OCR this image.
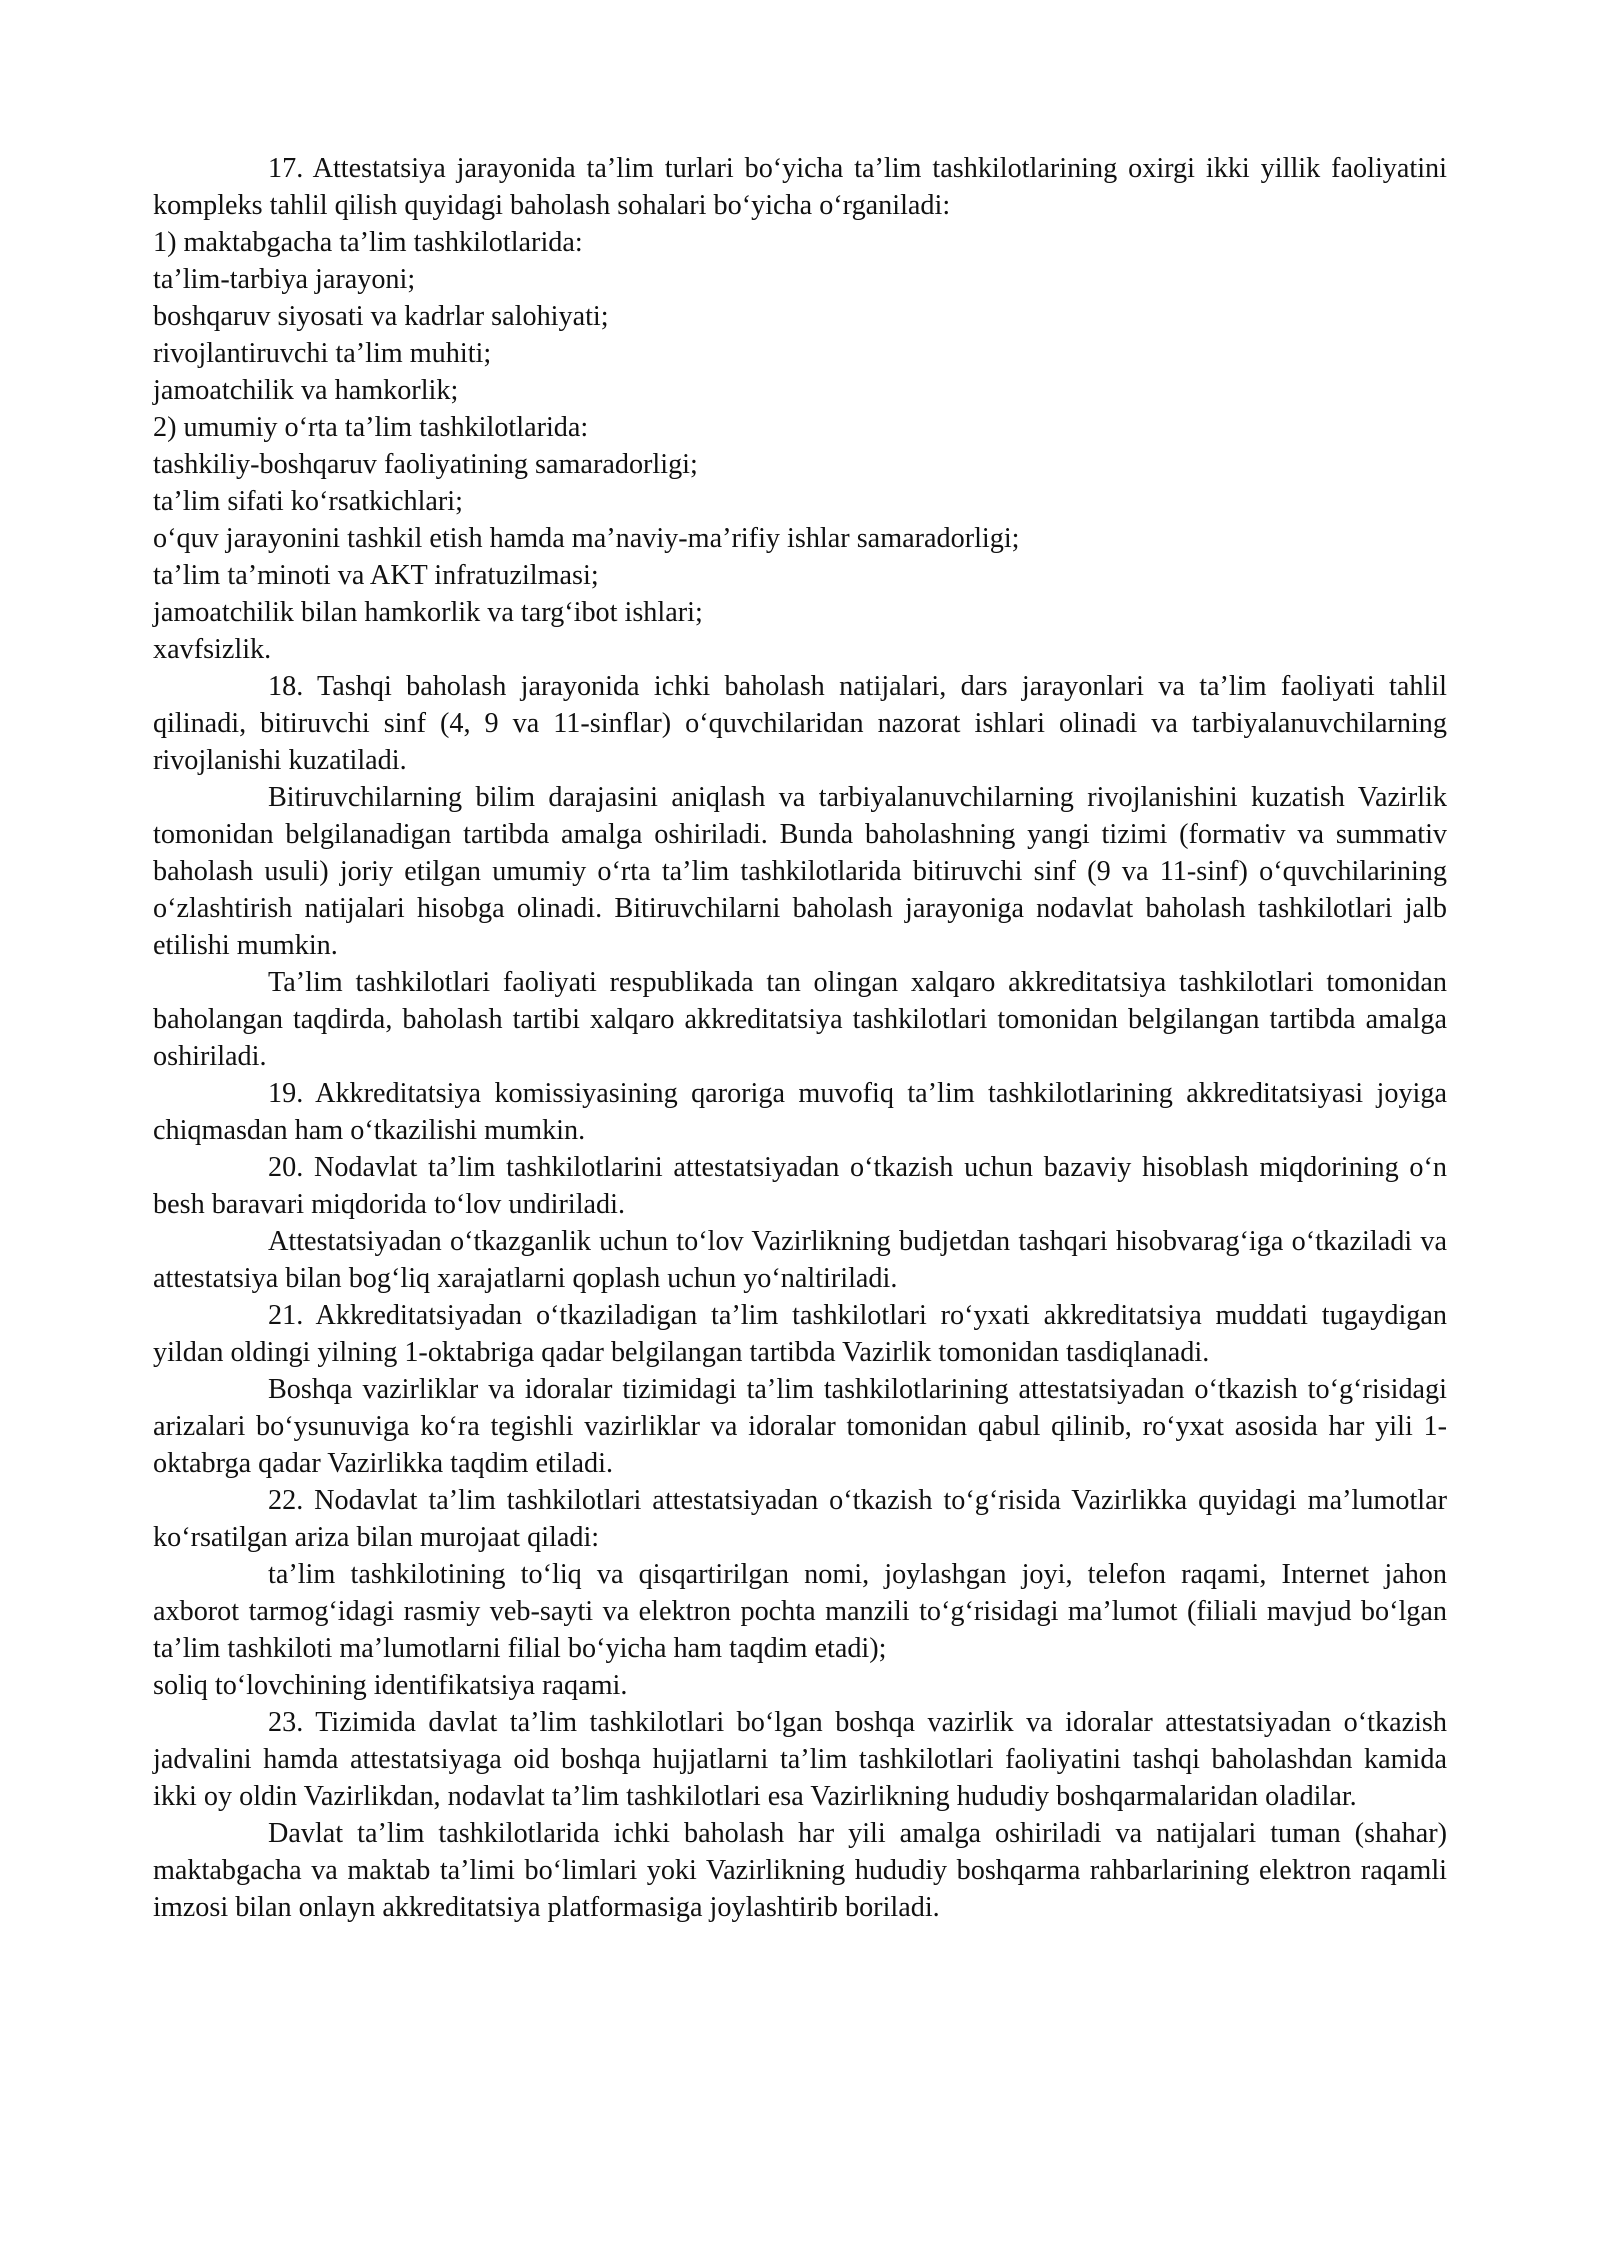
17. Attestatsiya jarayonida ta’lim turlari bo‘yicha ta’lim tashkilotlarining oxirgi ikki yillik faoliyatini kompleks tahlil qilish quyidagi baholash sohalari bo‘yicha o‘rganiladi:

1) maktabgacha ta’lim tashkilotlarida:

ta’lim-tarbiya jarayoni;

boshqaruv siyosati va kadrlar salohiyati;

rivojlantiruvchi ta’lim muhiti;

jamoatchilik va hamkorlik;

2) umumiy o‘rta ta’lim tashkilotlarida:

tashkiliy-boshqaruv faoliyatining samaradorligi;

ta’lim sifati ko‘rsatkichlari;

o‘quv jarayonini tashkil etish hamda ma’naviy-ma’rifiy ishlar samaradorligi;

ta’lim ta’minoti va AKT infratuzilmasi;

jamoatchilik bilan hamkorlik va targ‘ibot ishlari;

xavfsizlik.

18. Tashqi baholash jarayonida ichki baholash natijalari, dars jarayonlari va ta’lim faoliyati tahlil qilinadi, bitiruvchi sinf (4, 9 va 11-sinflar) o‘quvchilaridan nazorat ishlari olinadi va tarbiyalanuvchilarning rivojlanishi kuzatiladi.

Bitiruvchilarning bilim darajasini aniqlash va tarbiyalanuvchilarning rivojlanishini kuzatish Vazirlik tomonidan belgilanadigan tartibda amalga oshiriladi. Bunda baholashning yangi tizimi (formativ va summativ baholash usuli) joriy etilgan umumiy o‘rta ta’lim tashkilotlarida bitiruvchi sinf (9 va 11-sinf) o‘quvchilarining o‘zlashtirish natijalari hisobga olinadi. Bitiruvchilarni baholash jarayoniga nodavlat baholash tashkilotlari jalb etilishi mumkin.

Ta’lim tashkilotlari faoliyati respublikada tan olingan xalqaro akkreditatsiya tashkilotlari tomonidan baholangan taqdirda, baholash tartibi xalqaro akkreditatsiya tashkilotlari tomonidan belgilangan tartibda amalga oshiriladi.

19. Akkreditatsiya komissiyasining qaroriga muvofiq ta’lim tashkilotlarining akkreditatsiyasi joyiga chiqmasdan ham o‘tkazilishi mumkin.

20. Nodavlat ta’lim tashkilotlarini attestatsiyadan o‘tkazish uchun bazaviy hisoblash miqdorining o‘n besh baravari miqdorida to‘lov undiriladi.

Attestatsiyadan o‘tkazganlik uchun to‘lov Vazirlikning budjetdan tashqari hisobvarag‘iga o‘tkaziladi va attestatsiya bilan bog‘liq xarajatlarni qoplash uchun yo‘naltiriladi.

21. Akkreditatsiyadan o‘tkaziladigan ta’lim tashkilotlari ro‘yxati akkreditatsiya muddati tugaydigan yildan oldingi yilning 1-oktabriga qadar belgilangan tartibda Vazirlik tomonidan tasdiqlanadi.

Boshqa vazirliklar va idoralar tizimidagi ta’lim tashkilotlarining attestatsiyadan o‘tkazish to‘g‘risidagi arizalari bo‘ysunuviga ko‘ra tegishli vazirliklar va idoralar tomonidan qabul qilinib, ro‘yxat asosida har yili 1-oktabrga qadar Vazirlikka taqdim etiladi.

22. Nodavlat ta’lim tashkilotlari attestatsiyadan o‘tkazish to‘g‘risida Vazirlikka quyidagi ma’lumotlar ko‘rsatilgan ariza bilan murojaat qiladi:

ta’lim tashkilotining to‘liq va qisqartirilgan nomi, joylashgan joyi, telefon raqami, Internet jahon axborot tarmog‘idagi rasmiy veb-sayti va elektron pochta manzili to‘g‘risidagi ma’lumot (filiali mavjud bo‘lgan ta’lim tashkiloti ma’lumotlarni filial bo‘yicha ham taqdim etadi);

soliq to‘lovchining identifikatsiya raqami.

23. Tizimida davlat ta’lim tashkilotlari bo‘lgan boshqa vazirlik va idoralar attestatsiyadan o‘tkazish jadvalini hamda attestatsiyaga oid boshqa hujjatlarni ta’lim tashkilotlari faoliyatini tashqi baholashdan kamida ikki oy oldin Vazirlikdan, nodavlat ta’lim tashkilotlari esa Vazirlikning hududiy boshqarmalaridan oladilar.

Davlat ta’lim tashkilotlarida ichki baholash har yili amalga oshiriladi va natijalari tuman (shahar) maktabgacha va maktab ta’limi bo‘limlari yoki Vazirlikning hududiy boshqarma rahbarlarining elektron raqamli imzosi bilan onlayn akkreditatsiya platformasiga joylashtirib boriladi.
